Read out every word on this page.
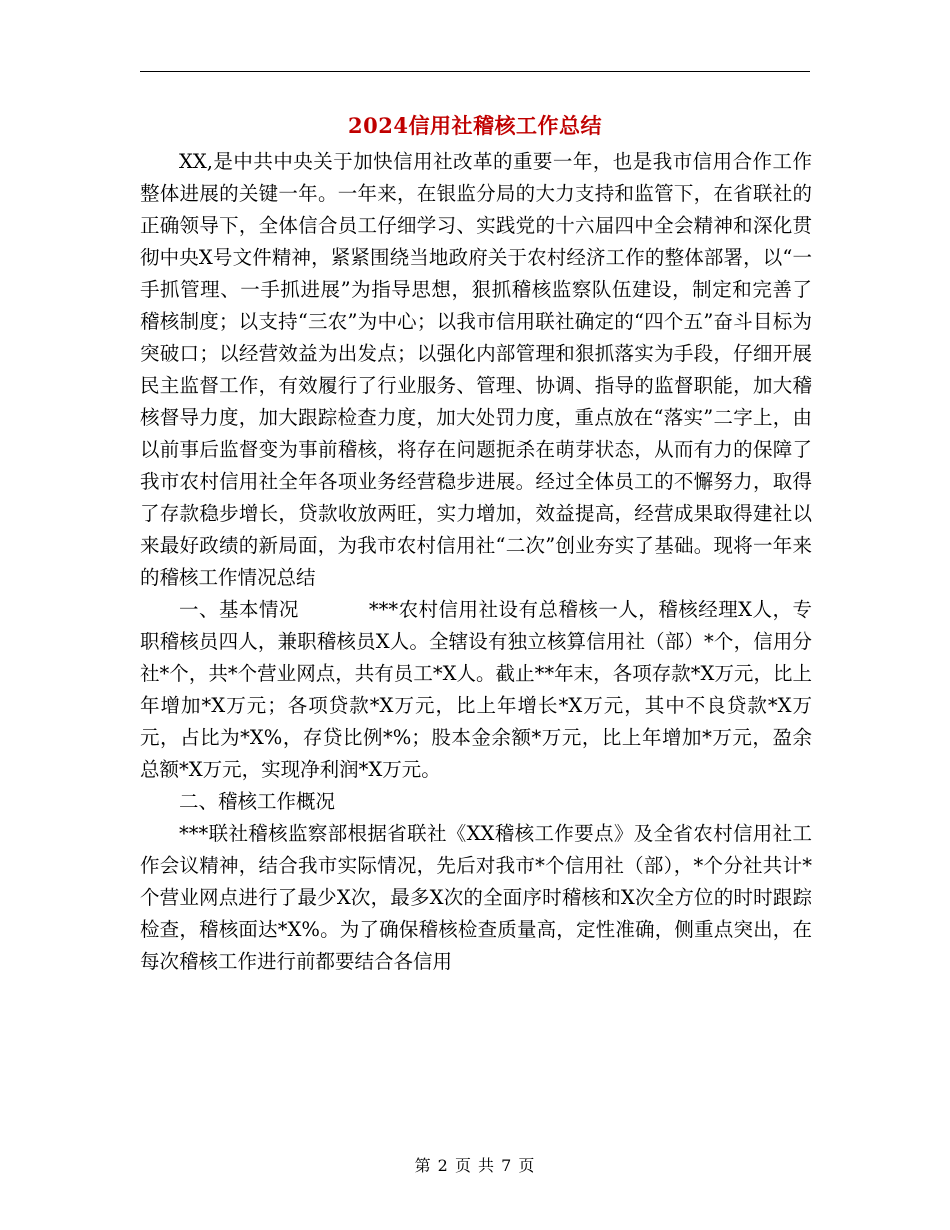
2024信用社稽核工作总结

XX,是中共中央关于加快信用社改革的重要一年，也是我市信用合作工作整体进展的关键一年。一年来，在银监分局的大力支持和监管下，在省联社的正确领导下，全体信合员工仔细学习、实践党的十六届四中全会精神和深化贯彻中央X号文件精神，紧紧围绕当地政府关于农村经济工作的整体部署，以“一手抓管理、一手抓进展”为指导思想，狠抓稽核监察队伍建设，制定和完善了稽核制度；以支持“三农”为中心；以我市信用联社确定的“四个五”奋斗目标为突破口；以经营效益为出发点；以强化内部管理和狠抓落实为手段，仔细开展民主监督工作，有效履行了行业服务、管理、协调、指导的监督职能，加大稽核督导力度，加大跟踪检查力度，加大处罚力度，重点放在“落实”二字上，由以前事后监督变为事前稽核，将存在问题扼杀在萌芽状态，从而有力的保障了我市农村信用社全年各项业务经营稳步进展。经过全体员工的不懈努力，取得了存款稳步增长，贷款收放两旺，实力增加，效益提高，经营成果取得建社以来最好政绩的新局面，为我市农村信用社“二次”创业夯实了基础。现将一年来的稽核工作情况总结

一、基本情况	***农村信用社设有总稽核一人，稽核经理X人，专职稽核员四人，兼职稽核员X人。全辖设有独立核算信用社（部）*个，信用分社*个，共*个营业网点，共有员工*X人。截止**年末，各项存款*X万元，比上年增加*X万元；各项贷款*X万元，比上年增长*X万元，其中不良贷款*X万元，占比为*X%，存贷比例*%；股本金余额*万元，比上年增加*万元，盈余总额*X万元，实现净利润*X万元。

二、稽核工作概况

***联社稽核监察部根据省联社《XX稽核工作要点》及全省农村信用社工作会议精神，结合我市实际情况，先后对我市*个信用社（部），*个分社共计*个营业网点进行了最少X次，最多X次的全面序时稽核和X次全方位的时时跟踪检查，稽核面达*X%。为了确保稽核检查质量高，定性准确，侧重点突出，在每次稽核工作进行前都要结合各信用

第 2 页 共 7 页
